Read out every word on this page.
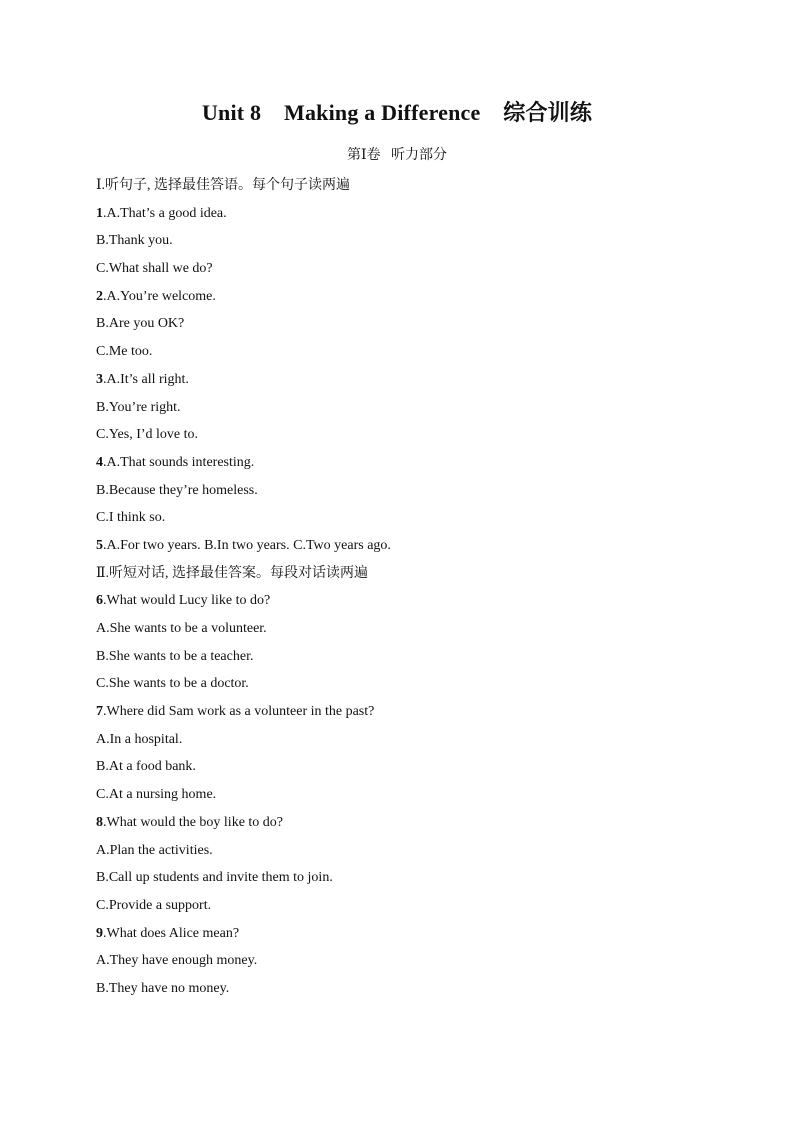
Unit 8    Making a Difference    综合训练
第Ⅰ卷   听力部分
Ⅰ.听句子, 选择最佳答语。每个句子读两遍
1.A.That’s a good idea.
B.Thank you.
C.What shall we do?
2.A.You’re welcome.
B.Are you OK?
C.Me too.
3.A.It’s all right.
B.You’re right.
C.Yes, I’d love to.
4.A.That sounds interesting.
B.Because they’re homeless.
C.I think so.
5.A.For two years. B.In two years. C.Two years ago.
Ⅱ.听短对话, 选择最佳答案。每段对话读两遍
6.What would Lucy like to do?
A.She wants to be a volunteer.
B.She wants to be a teacher.
C.She wants to be a doctor.
7.Where did Sam work as a volunteer in the past?
A.In a hospital.
B.At a food bank.
C.At a nursing home.
8.What would the boy like to do?
A.Plan the activities.
B.Call up students and invite them to join.
C.Provide a support.
9.What does Alice mean?
A.They have enough money.
B.They have no money.
